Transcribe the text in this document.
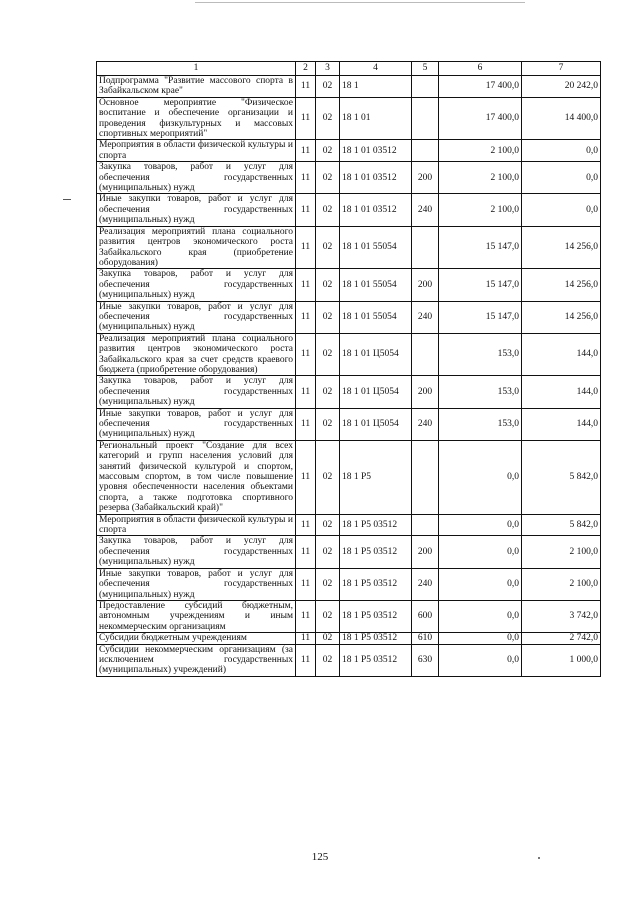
1	2	3	4	5	6	7
Подпрограмма "Развитие массового спорта в Забайкальском крае"	11	02	18 1		17 400,0	20 242,0
Основное мероприятие "Физическое воспитание и обеспечение организации и проведения физкультурных и массовых спортивных мероприятий"	11	02	18 1 01		17 400,0	14 400,0
Мероприятия в области физической культуры и спорта	11	02	18 1 01 03512		2 100,0	0,0
Закупка товаров, работ и услуг для обеспечения государственных (муниципальных) нужд	11	02	18 1 01 03512	200	2 100,0	0,0
Иные закупки товаров, работ и услуг для обеспечения государственных (муниципальных) нужд	11	02	18 1 01 03512	240	2 100,0	0,0
Реализация мероприятий плана социального развития центров экономического роста Забайкальского края (приобретение оборудования)	11	02	18 1 01 55054		15 147,0	14 256,0
Закупка товаров, работ и услуг для обеспечения государственных (муниципальных) нужд	11	02	18 1 01 55054	200	15 147,0	14 256,0
Иные закупки товаров, работ и услуг для обеспечения государственных (муниципальных) нужд	11	02	18 1 01 55054	240	15 147,0	14 256,0
Реализация мероприятий плана социального развития центров экономического роста Забайкальского края за счет средств краевого бюджета (приобретение оборудования)	11	02	18 1 01 Ц5054		153,0	144,0
Закупка товаров, работ и услуг для обеспечения государственных (муниципальных) нужд	11	02	18 1 01 Ц5054	200	153,0	144,0
Иные закупки товаров, работ и услуг для обеспечения государственных (муниципальных) нужд	11	02	18 1 01 Ц5054	240	153,0	144,0
Региональный проект "Создание для всех категорий и групп населения условий для занятий физической культурой и спортом, массовым спортом, в том числе повышение уровня обеспеченности населения объектами спорта, а также подготовка спортивного резерва (Забайкальский край)"	11	02	18 1 P5		0,0	5 842,0
Мероприятия в области физической культуры и спорта	11	02	18 1 P5 03512		0,0	5 842,0
Закупка товаров, работ и услуг для обеспечения государственных (муниципальных) нужд	11	02	18 1 P5 03512	200	0,0	2 100,0
Иные закупки товаров, работ и услуг для обеспечения государственных (муниципальных) нужд	11	02	18 1 P5 03512	240	0,0	2 100,0
Предоставление субсидий бюджетным, автономным учреждениям и иным некоммерческим организациям	11	02	18 1 P5 03512	600	0,0	3 742,0
Субсидии бюджетным учреждениям	11	02	18 1 P5 03512	610	0,0	2 742,0
Субсидии некоммерческим организациям (за исключением государственных (муниципальных) учреждений)	11	02	18 1 P5 03512	630	0,0	1 000,0
125
